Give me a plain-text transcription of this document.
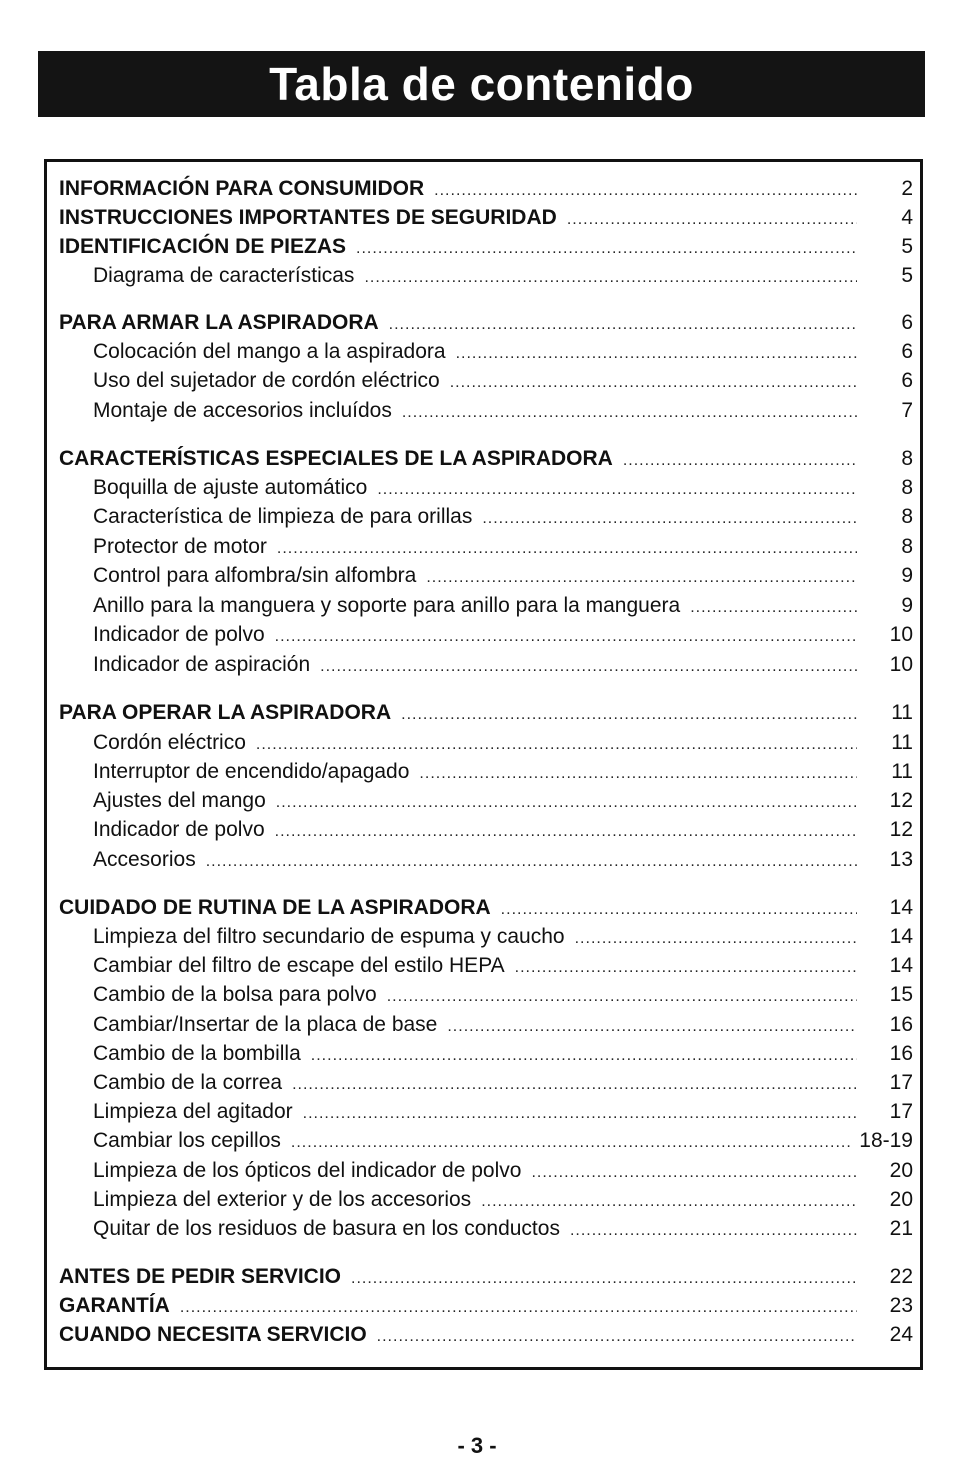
Tabla de contenido
INFORMACIÓN PARA CONSUMIDOR .....	2
INSTRUCCIONES IMPORTANTES DE SEGURIDAD .....	4
IDENTIFICACIÓN DE PIEZAS .....	5
Diagrama de características .....	5
PARA ARMAR LA ASPIRADORA .....	6
Colocación del mango a la aspiradora .....	6
Uso del sujetador de cordón eléctrico .....	6
Montaje de accesorios incluídos .....	7
CARACTERÍSTICAS ESPECIALES DE LA ASPIRADORA .....	8
Boquilla de ajuste automático .....	8
Característica de limpieza de para orillas .....	8
Protector de motor .....	8
Control para alfombra/sin alfombra .....	9
Anillo para la manguera y soporte para anillo para la manguera .....	9
Indicador de polvo .....	10
Indicador de aspiración .....	10
PARA OPERAR LA ASPIRADORA .....	11
Cordón eléctrico .....	11
Interruptor de encendido/apagado .....	11
Ajustes del mango .....	12
Indicador de polvo .....	12
Accesorios .....	13
CUIDADO DE RUTINA DE LA ASPIRADORA .....	14
Limpieza del filtro secundario de espuma y caucho .....	14
Cambiar del filtro de escape del estilo HEPA .....	14
Cambio de la bolsa para polvo .....	15
Cambiar/Insertar de la placa de base .....	16
Cambio de la bombilla .....	16
Cambio de la correa .....	17
Limpieza del agitador .....	17
Cambiar los cepillos .....	18-19
Limpieza de los ópticos del indicador de polvo .....	20
Limpieza del exterior y de los accesorios .....	20
Quitar de los residuos de basura en los conductos .....	21
ANTES DE PEDIR SERVICIO .....	22
GARANTÍA .....	23
CUANDO NECESITA SERVICIO .....	24
- 3 -
